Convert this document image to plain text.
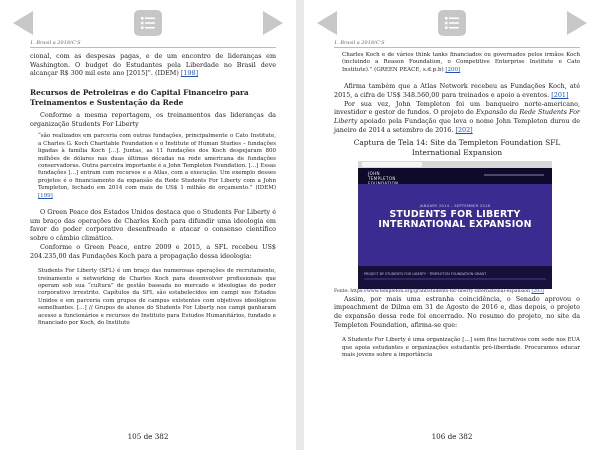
1. Brasil a 2018/C’S

cional, com as despesas pagas, e de um encontro de lideranças em Washington. O budget do Estudantes pela Liberdade no Brasil deve alcançar R$ 300 mil este ano [2015]”. (IDEM) [198]

Recursos de Petroleiras e do Capital Financeiro para Treinamentos e Sustentação da Rede

Conforme a mesma reportagem, os treinamentos das lideranças da organização Students For Liberty

“são realizados em parceria com outras fundações, principalmente o Cato Institute, a Charles G. Koch Charitable Foundation e o Institute of Human Studies – fundações ligadas à família Koch […]. Juntas, as 11 fundações dos Koch despejaram 800 milhões de dólares nas duas últimas décadas na rede americana de fundações conservadoras. Outra parceira importante é a John Templeton Foundation. […] Essas fundações […] entram com recursos e a Atlas, com a execução. Um exemplo desses projetos é o financiamento da expansão da Rede Students For Liberty com a John Templeton, fechado em 2014 com mais de US$ 1 milhão de orçamento.” (IDEM) [199]

O Green Peace dos Estados Unidos destaca que o Students For Liberty é um braço das operações de Charles Koch para difundir uma ideologia em favor do poder corporativo desenfreado e atacar o consenso científico sobre o câmbio climático.

Conforme o Green Peace, entre 2009 e 2015, a SFL recebeu US$ 204.235,00 das Fundações Koch para a propagação dessa ideologia:

Students For Liberty (SFL) é um braço das numerosas operações de recrutamento, treinamento e networking de Charles Koch para desenvolver profissionais que operam sob sua “cultura” de gestão baseada no mercado e ideologias do poder corporativo irrestrito. Capítulos da SFL são estabelecidos em campi nos Estados Unidos e em parceria com grupos de campus existentes com objetivos ideológicos semelhantes. […] // Grupos de alunos do Students For Liberty nos campi ganharam acesso a funcionários e recursos do Instituto para Estudos Humanitários, fundado e financiado por Koch, do Instituto

105 de 382
1. Brasil a 2018/C’S

Charles Koch e de vários think tanks financiados ou governados pelos irmãos Koch (incluindo a Reason Foundation, o Competitive Enterprise Institute e Cato Institute).” (GREEN PEACE, s.d.p.b) [200]

Afirma também que a Atlas Network recebeu as Fundações Koch, até 2015, a cifra de US$ 348.560,00 para treinados e apoio a eventos. [201]

Por sua vez, John Templeton foi um banqueiro norte-americano, investidor e gestor de fundos. O projeto de Expansão da Rede Students For Liberty apoiado pela Fundação que leva o nome John Templeton durou de janeiro de 2014 a setembro de 2016. [202]

Captura de Tela 14: Site da Templeton Foundation SFL International Expansion
JOHN
TEMPLETON

JANUARY 2014 – SEPTEMBER 2016
STUDENTS FOR LIBERTY INTERNATIONAL EXPANSION
PROJECT BY STUDENTS FOR LIBERTY · TEMPLETON FOUNDATION GRANT

Fonte: https://www.templeton.org/grant/students-for-liberty-international-expansion [203]

Assim, por mais uma estranha coincidência, o Senado aprovou o impeachment de Dilma em 31 de Agosto de 2016 e, dias depois, o projeto de expansão dessa rede foi encerrado. No resumo do projeto, no site da Templeton Foundation, afirma-se que:

A Students For Liberty é uma organização […] sem fins lucrativos com sede nos EUA que apoia estudantes e organizações estudantis pró-liberdade. Procuramos educar mais jovens sobre a importância

106 de 382
